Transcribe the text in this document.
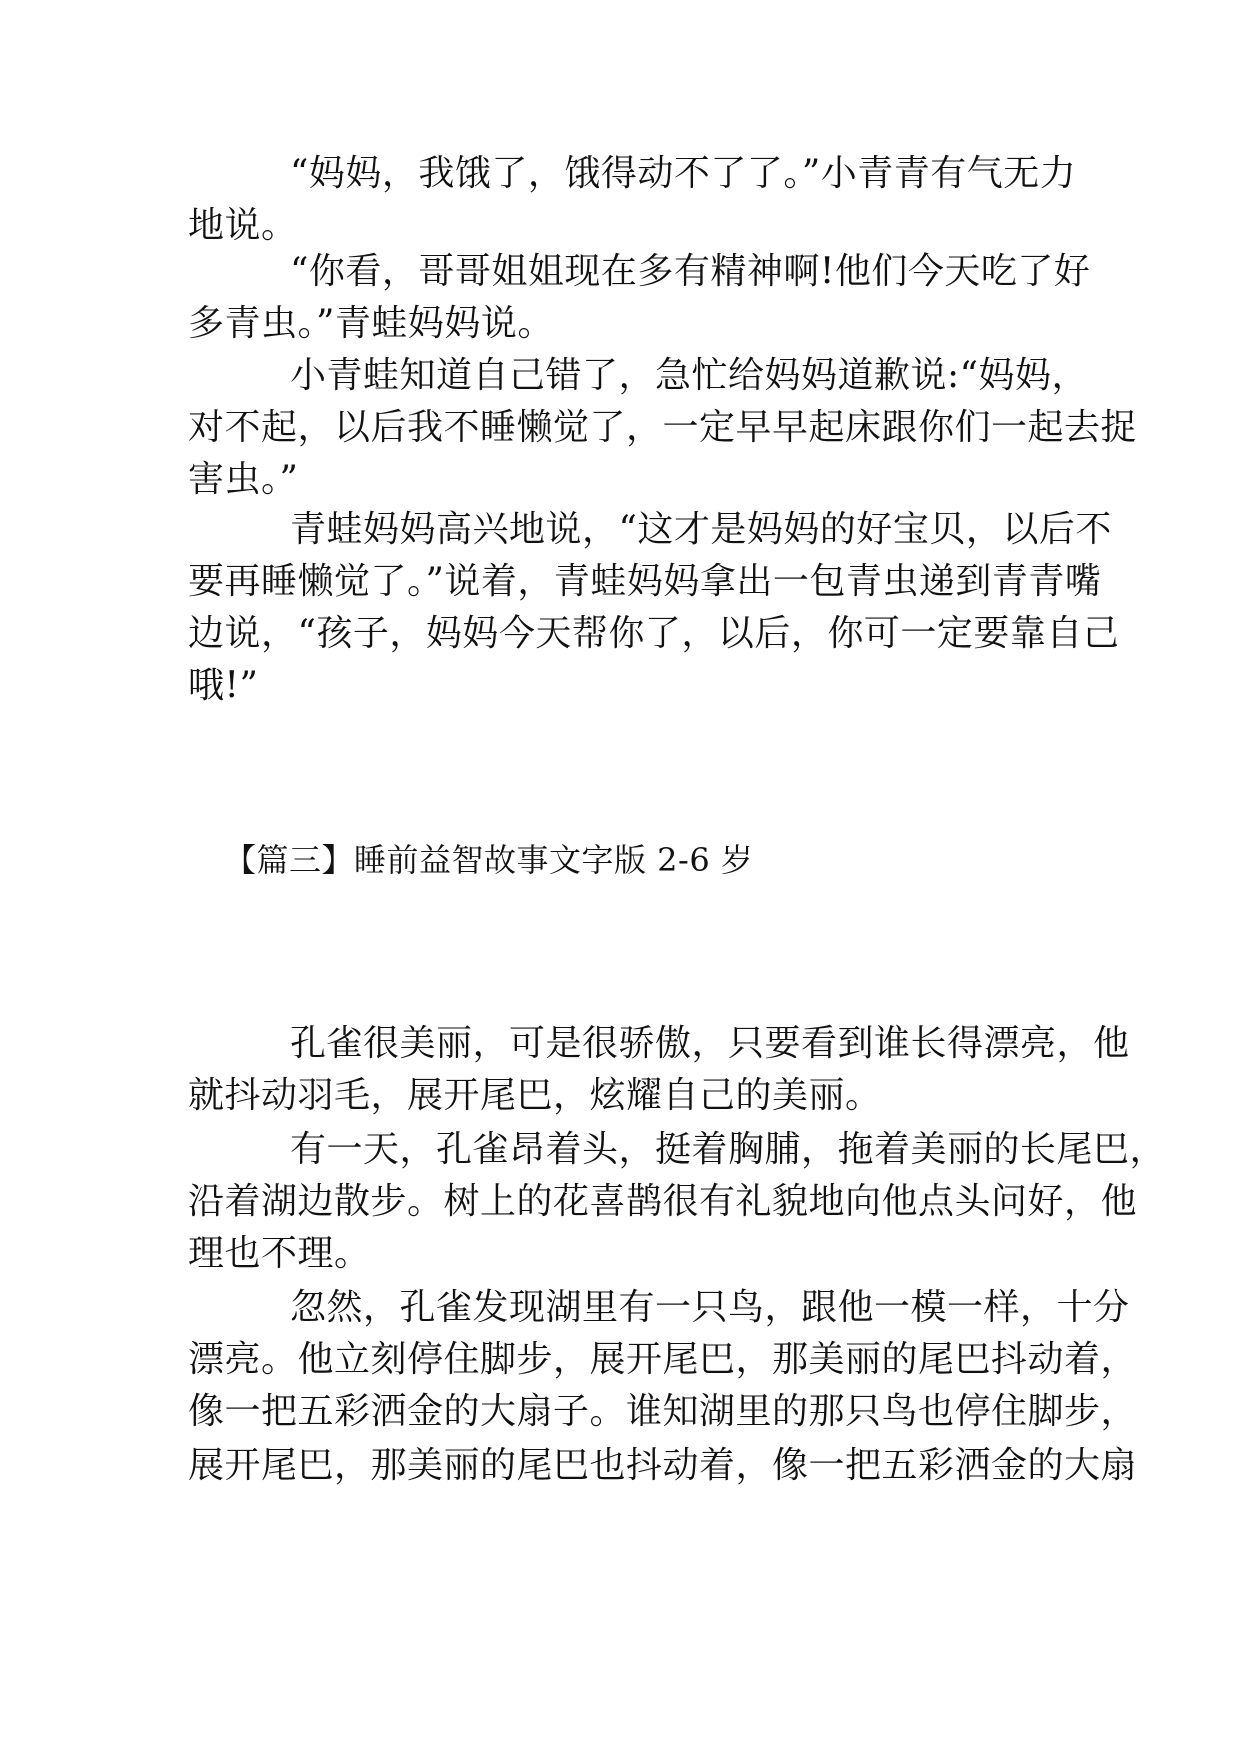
“妈妈，我饿了，饿得动不了了。”小青青有气无力
地说。
“你看，哥哥姐姐现在多有精神啊!他们今天吃了好
多青虫。”青蛙妈妈说。
小青蛙知道自己错了，急忙给妈妈道歉说:“妈妈，
对不起，以后我不睡懒觉了，一定早早起床跟你们一起去捉
害虫。”
青蛙妈妈高兴地说，“这才是妈妈的好宝贝，以后不
要再睡懒觉了。”说着，青蛙妈妈拿出一包青虫递到青青嘴
边说，“孩子，妈妈今天帮你了，以后，你可一定要靠自己
哦!”
【篇三】睡前益智故事文字版 2-6 岁
孔雀很美丽，可是很骄傲，只要看到谁长得漂亮，他
就抖动羽毛，展开尾巴，炫耀自己的美丽。
有一天，孔雀昂着头，挺着胸脯，拖着美丽的长尾巴，
沿着湖边散步。树上的花喜鹊很有礼貌地向他点头问好，他
理也不理。
忽然，孔雀发现湖里有一只鸟，跟他一模一样，十分
漂亮。他立刻停住脚步，展开尾巴，那美丽的尾巴抖动着，
像一把五彩洒金的大扇子。谁知湖里的那只鸟也停住脚步，
展开尾巴，那美丽的尾巴也抖动着，像一把五彩洒金的大扇
